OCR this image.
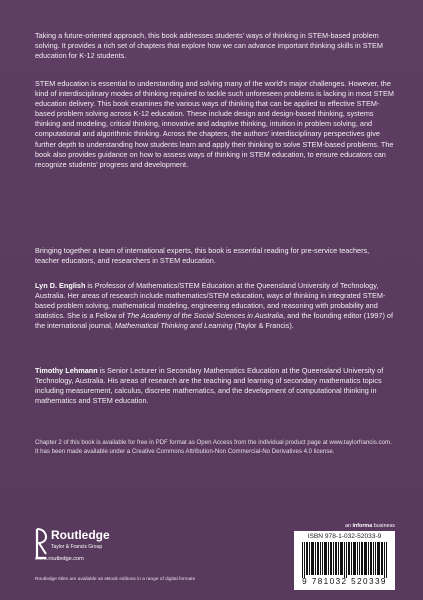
Taking a future-oriented approach, this book addresses students' ways of thinking in STEM-based problem solving. It provides a rich set of chapters that explore how we can advance important thinking skills in STEM education for K-12 students.

STEM education is essential to understanding and solving many of the world's major challenges. However, the kind of interdisciplinary modes of thinking required to tackle such unforeseen problems is lacking in most STEM education delivery. This book examines the various ways of thinking that can be applied to effective STEM-based problem solving across K-12 education. These include design and design-based thinking, systems thinking and modeling, critical thinking, innovative and adaptive thinking, intuition in problem solving, and computational and algorithmic thinking. Across the chapters, the authors' interdisciplinary perspectives give further depth to understanding how students learn and apply their thinking to solve STEM-based problems. The book also provides guidance on how to assess ways of thinking in STEM education, to ensure educators can recognize students' progress and development.

Bringing together a team of international experts, this book is essential reading for pre-service teachers, teacher educators, and researchers in STEM education.

Lyn D. English is Professor of Mathematics/STEM Education at the Queensland University of Technology, Australia. Her areas of research include mathematics/STEM education, ways of thinking in integrated STEM-based problem solving, mathematical modeling, engineering education, and reasoning with probability and statistics. She is a Fellow of The Academy of the Social Sciences in Australia, and the founding editor (1997) of the international journal, Mathematical Thinking and Learning (Taylor & Francis).

Timothy Lehmann is Senior Lecturer in Secondary Mathematics Education at the Queensland University of Technology, Australia. His areas of research are the teaching and learning of secondary mathematics topics including measurement, calculus, discrete mathematics, and the development of computational thinking in mathematics and STEM education.

Chapter 2 of this book is available for free in PDF format as Open Access from the individual product page at www.taylorfrancis.com. It has been made available under a Creative Commons Attribution-Non Commercial-No Derivatives 4.0 license.

Routledge
Taylor & Francis Group
www.routledge.com
Routledge titles are available as eBook editions in a range of digital formats
an informa business
ISBN 978-1-032-52033-9
9 781032 520339
